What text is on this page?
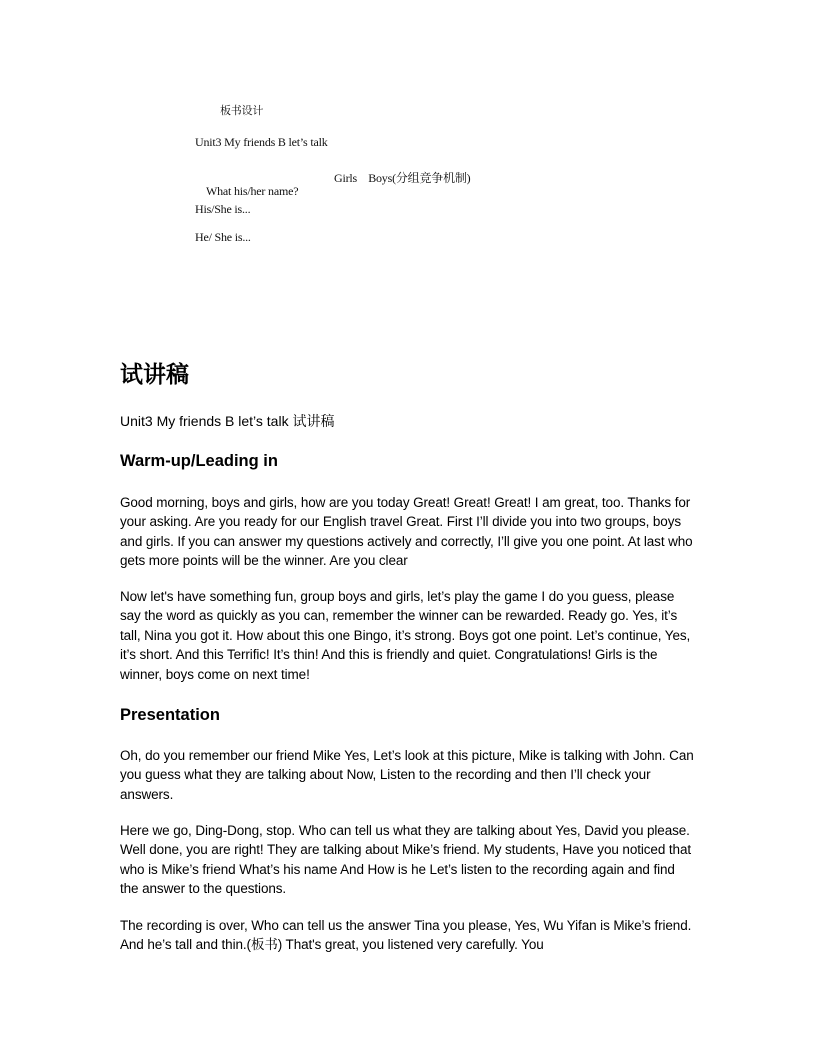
板书设计
Unit3 My friends B let’s talk

What his/her name?

Girls    Boys(分组竞争机制)

His/She is...
He/ She is...
试讲稿

Unit3 My friends B let’s talk 试讲稿

Warm-up/Leading in

Good morning, boys and girls, how are you today Great! Great! Great! I am great, too. Thanks for your asking. Are you ready for our English travel Great. First I’ll divide you into two groups, boys and girls. If you can answer my questions actively and correctly, I’ll give you one point. At last who gets more points will be the winner. Are you clear

Now let's have something fun, group boys and girls, let’s play the game I do you guess, please say the word as quickly as you can, remember the winner can be rewarded. Ready go. Yes, it’s tall, Nina you got it. How about this one Bingo, it’s strong. Boys got one point. Let’s continue, Yes, it’s short. And this Terrific! It’s thin! And this is friendly and quiet. Congratulations! Girls is the winner, boys come on next time!

Presentation

Oh, do you remember our friend Mike Yes, Let’s look at this picture, Mike is talking with John. Can you guess what they are talking about Now, Listen to the recording and then I’ll check your answers.

Here we go, Ding-Dong, stop. Who can tell us what they are talking about Yes, David you please. Well done, you are right! They are talking about Mike’s friend. My students, Have you noticed that who is Mike’s friend What’s his name And How is he Let’s listen to the recording again and find the answer to the questions.

The recording is over, Who can tell us the answer Tina you please, Yes, Wu Yifan is Mike’s friend. And he’s tall and thin.(板书) That's great, you listened very carefully. You
